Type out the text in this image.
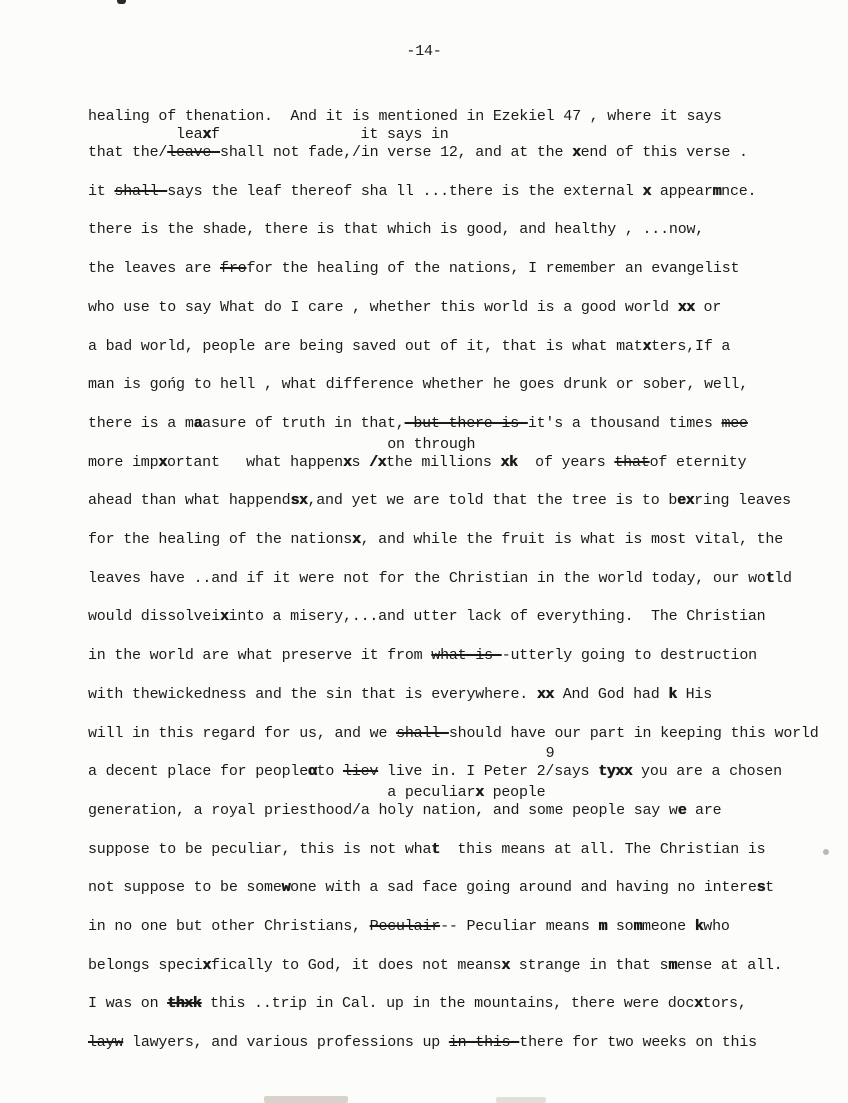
-14-
healing of thenation.  And it is mentioned in Ezekiel 47 , where it says
leaxf                it says in
that the/leave-shall not fade,/in verse 12, and at the xend of this verse .
it shall-says the leaf thereof sha ll ...there is the external x appearmnce.
there is the shade, there is that which is good, and healthy , ...now,
the leaves are frofor the healing of the nations, I remember an evangelist
who use to say What do I care , whether this world is a good world xx or
a bad world, people are being saved out of it, that is what matxters,If a
man is gońg to hell , what difference whether he goes drunk or sober, well,
there is a maasure of truth in that,-but there is-it's a thousand times mee
on through
more impxortant   what happenxs /xthe millions xk  of years thatof eternity
ahead than what happendsx,and yet we are told that the tree is to bexring leaves
for the healing of the nationsx, and while the fruit is what is most vital, the
leaves have ..and if it were not for the Christian in the world today, our wotld
would dissolveixinto a misery,...and utter lack of everything.  The Christian
in the world are what preserve it from what is--utterly going to destruction
with thewickedness and the sin that is everywhere. xx And God had k His
will in this regard for us, and we shall-should have our part in keeping this world
9
a decent place for peopleαto liev live in. I Peter 2/says tyxx you are a chosen
a peculiarx people
generation, a royal priesthood/a holy nation, and some people say we are
suppose to be peculiar, this is not what  this means at all. The Christian is
not suppose to be somewone with a sad face going around and having no interest
in no one but other Christians, Peculair-- Peculiar means m sommeone kwho
belongs specixfically to God, it does not meansx strange in that smense at all.
I was on thxk this ..trip in Cal. up in the mountains, there were docxtors,
layw lawyers, and various professions up in this-there for two weeks on this
